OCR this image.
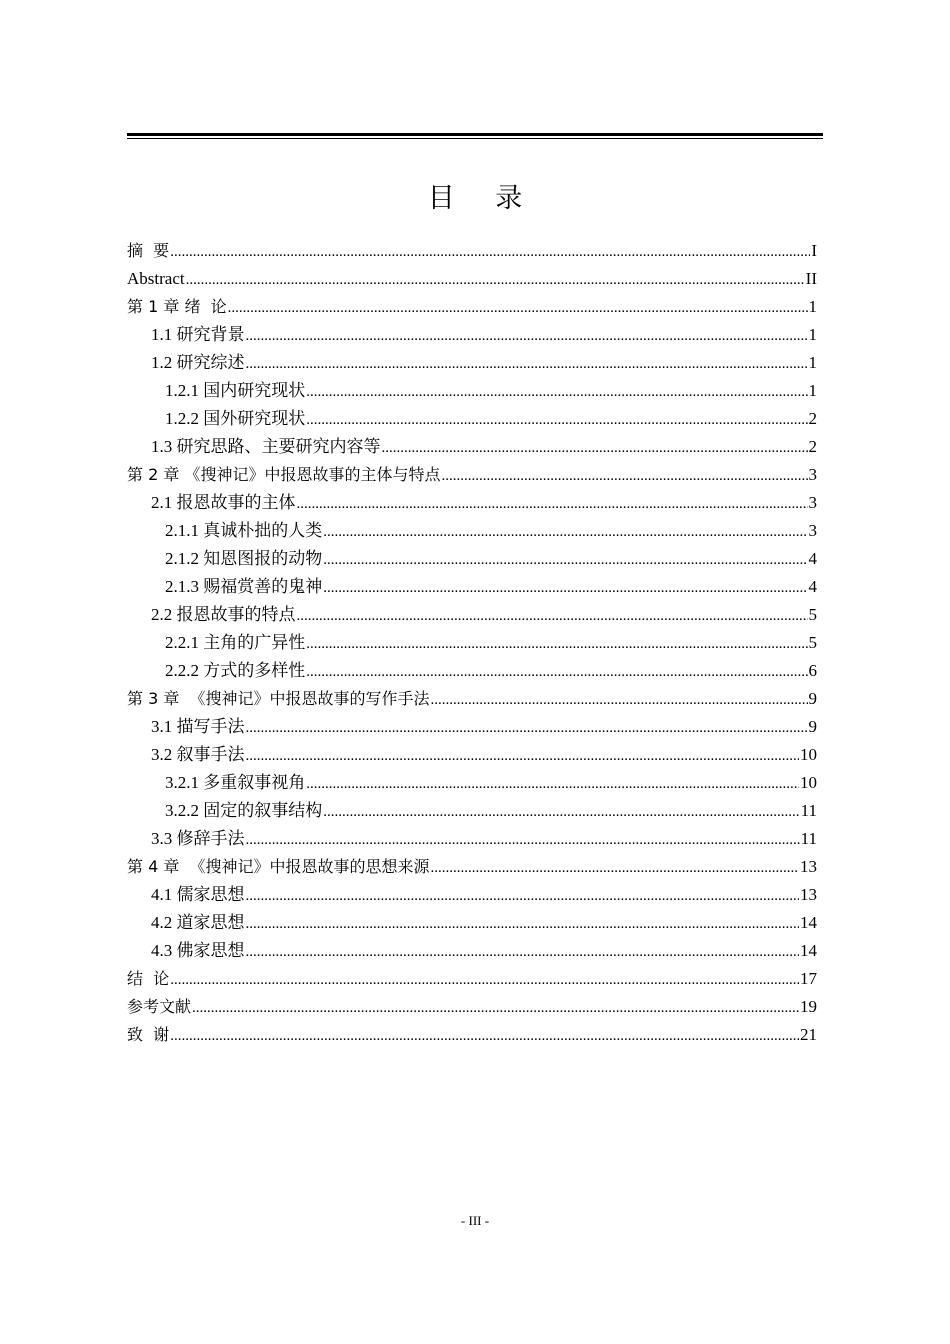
目 录
摘  要 .....	I
Abstract .....	II
第 1 章 绪  论 .....	1
1.1 研究背景 .....	1
1.2 研究综述 .....	1
1.2.1 国内研究现状 .....	1
1.2.2 国外研究现状 .....	2
1.3 研究思路、主要研究内容等 .....	2
第 2 章 《搜神记》中报恩故事的主体与特点 .....	3
2.1 报恩故事的主体 .....	3
2.1.1 真诚朴拙的人类 .....	3
2.1.2 知恩图报的动物 .....	4
2.1.3 赐福赏善的鬼神 .....	4
2.2 报恩故事的特点 .....	5
2.2.1 主角的广异性 .....	5
2.2.2 方式的多样性 .....	6
第 3 章  《搜神记》中报恩故事的写作手法 .....	9
3.1 描写手法 .....	9
3.2 叙事手法 .....	10
3.2.1 多重叙事视角 .....	10
3.2.2 固定的叙事结构 .....	11
3.3 修辞手法 .....	11
第 4 章  《搜神记》中报恩故事的思想来源 .....	13
4.1 儒家思想 .....	13
4.2 道家思想 .....	14
4.3 佛家思想 .....	14
结  论 .....	17
参考文献 .....	19
致  谢 .....	21
- III -
